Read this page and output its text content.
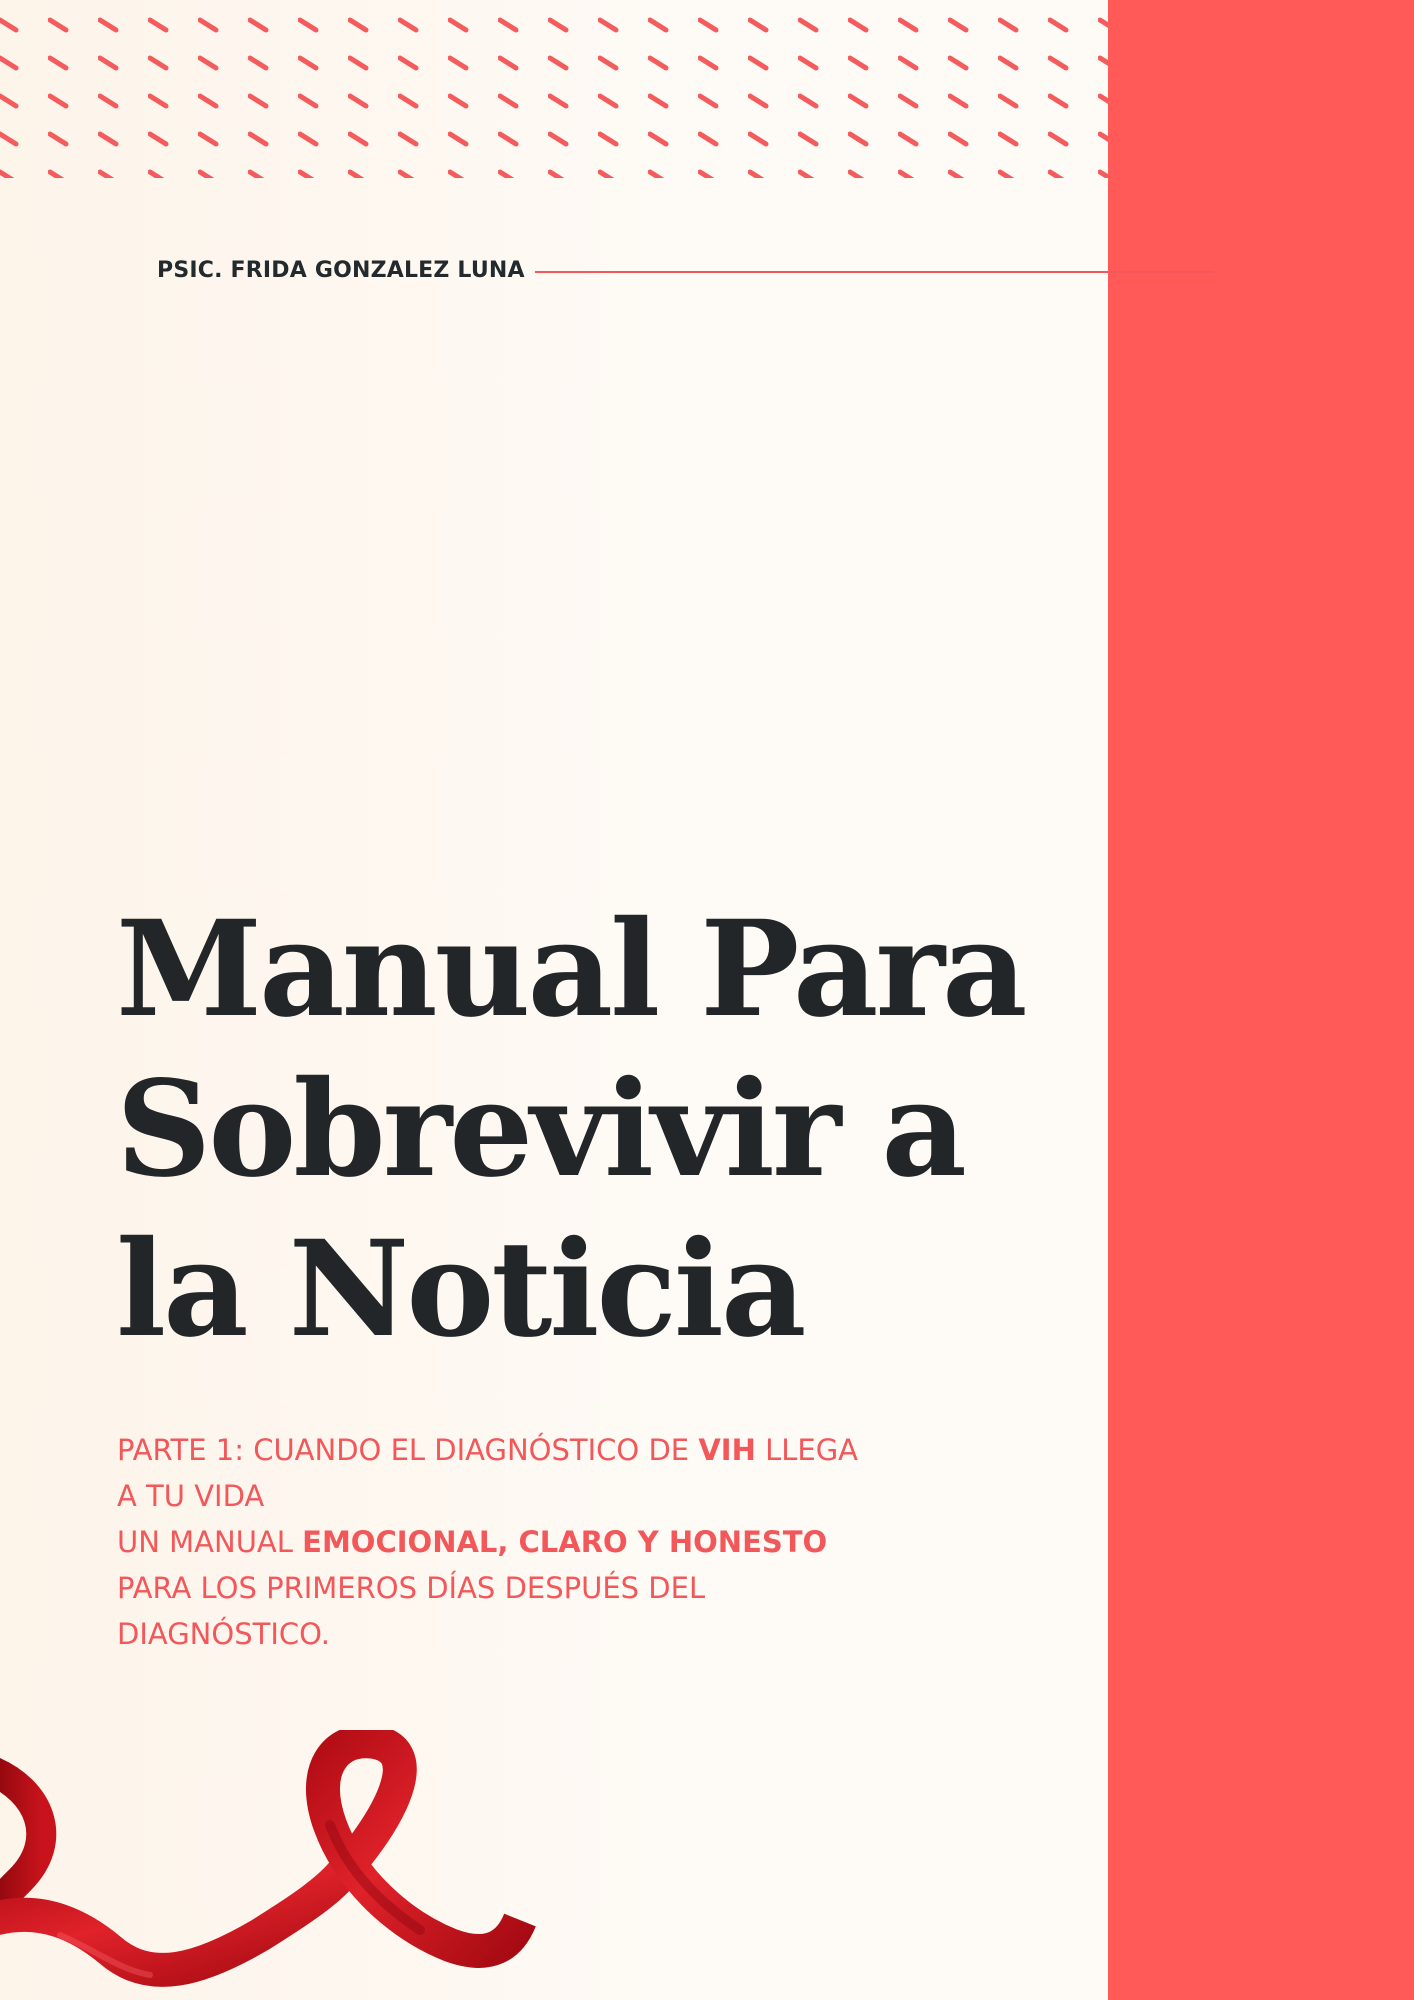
PSIC. FRIDA GONZALEZ LUNA
Manual Para
Sobrevivir a
la Noticia
PARTE 1: CUANDO EL DIAGNÓSTICO DE VIH LLEGA
A TU VIDA
UN MANUAL EMOCIONAL, CLARO Y HONESTO
PARA LOS PRIMEROS DÍAS DESPUÉS DEL
DIAGNÓSTICO.
